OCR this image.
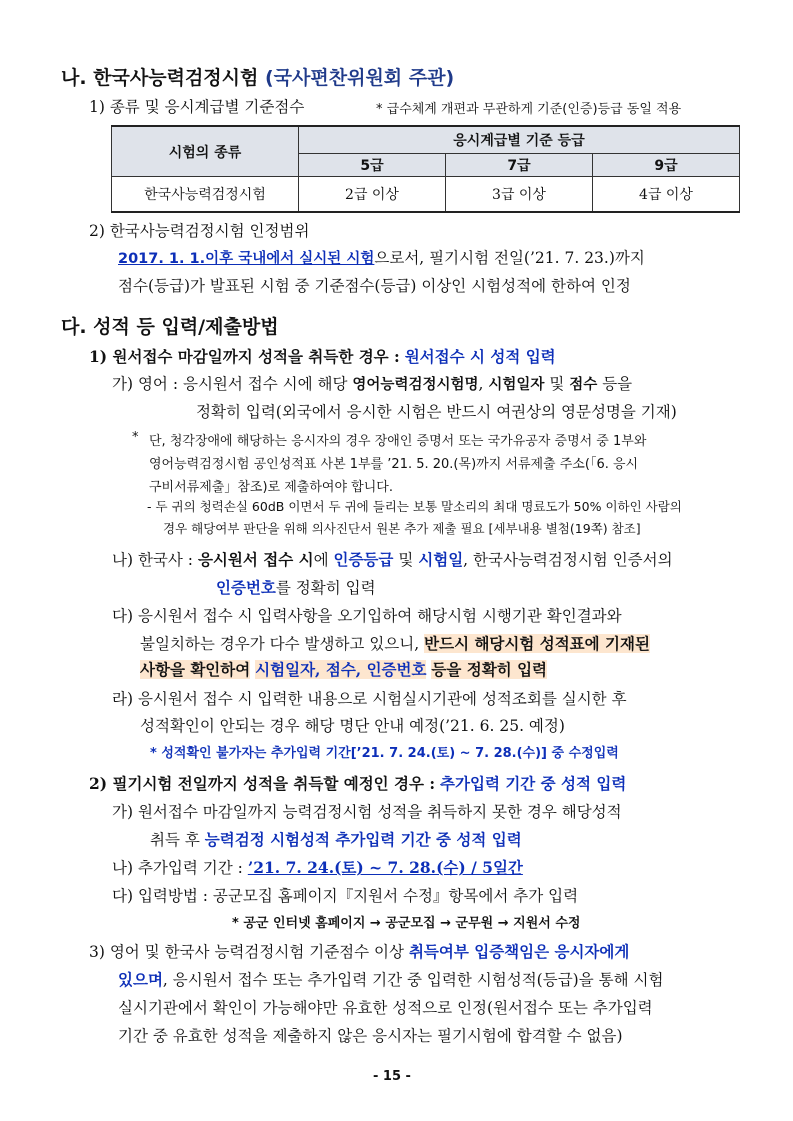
나. 한국사능력검정시험 (국사편찬위원회 주관)
1) 종류 및 응시계급별 기준점수	* 급수체계 개편과 무관하게 기준(인증)등급 동일 적용
시험의 종류	응시계급별 기준 등급		
	5급	7급	9급
한국사능력검정시험	2급 이상	3급 이상	4급 이상
2) 한국사능력검정시험 인정범위
2017. 1. 1.이후 국내에서 실시된 시험으로서, 필기시험 전일(’21. 7. 23.)까지
점수(등급)가 발표된 시험 중 기준점수(등급) 이상인 시험성적에 한하여 인정
다. 성적 등 입력/제출방법
1) 원서접수 마감일까지 성적을 취득한 경우 : 원서접수 시 성적 입력
가) 영어 : 응시원서 접수 시에 해당 영어능력검정시험명, 시험일자 및 점수 등을
정확히 입력(외국에서 응시한 시험은 반드시 여권상의 영문성명을 기재)
* 단, 청각장애에 해당하는 응시자의 경우 장애인 증명서 또는 국가유공자 증명서 중 1부와
영어능력검정시험 공인성적표 사본 1부를 ’21. 5. 20.(목)까지 서류제출 주소(「6. 응시
구비서류제출」참조)로 제출하여야 합니다.
- 두 귀의 청력손실 60dB 이면서 두 귀에 들리는 보통 말소리의 최대 명료도가 50% 이하인 사람의
경우 해당여부 판단을 위해 의사진단서 원본 추가 제출 필요 [세부내용 별첨(19쪽) 참조]
나) 한국사 : 응시원서 접수 시에 인증등급 및 시험일, 한국사능력검정시험 인증서의
인증번호를 정확히 입력
다) 응시원서 접수 시 입력사항을 오기입하여 해당시험 시행기관 확인결과와
불일치하는 경우가 다수 발생하고 있으니, 반드시 해당시험 성적표에 기재된
사항을 확인하여 시험일자, 점수, 인증번호 등을 정확히 입력
라) 응시원서 접수 시 입력한 내용으로 시험실시기관에 성적조회를 실시한 후
성적확인이 안되는 경우 해당 명단 안내 예정(’21. 6. 25. 예정)
* 성적확인 불가자는 추가입력 기간[’21. 7. 24.(토) ~ 7. 28.(수)] 중 수정입력
2) 필기시험 전일까지 성적을 취득할 예정인 경우 : 추가입력 기간 중 성적 입력
가) 원서접수 마감일까지 능력검정시험 성적을 취득하지 못한 경우 해당성적
취득 후 능력검정 시험성적 추가입력 기간 중 성적 입력
나) 추가입력 기간 : ’21. 7. 24.(토) ~ 7. 28.(수) / 5일간
다) 입력방법 : 공군모집 홈페이지『지원서 수정』항목에서 추가 입력
* 공군 인터넷 홈페이지 → 공군모집 → 군무원 → 지원서 수정
3) 영어 및 한국사 능력검정시험 기준점수 이상 취득여부 입증책임은 응시자에게
있으며, 응시원서 접수 또는 추가입력 기간 중 입력한 시험성적(등급)을 통해 시험
실시기관에서 확인이 가능해야만 유효한 성적으로 인정(원서접수 또는 추가입력
기간 중 유효한 성적을 제출하지 않은 응시자는 필기시험에 합격할 수 없음)
- 15 -
